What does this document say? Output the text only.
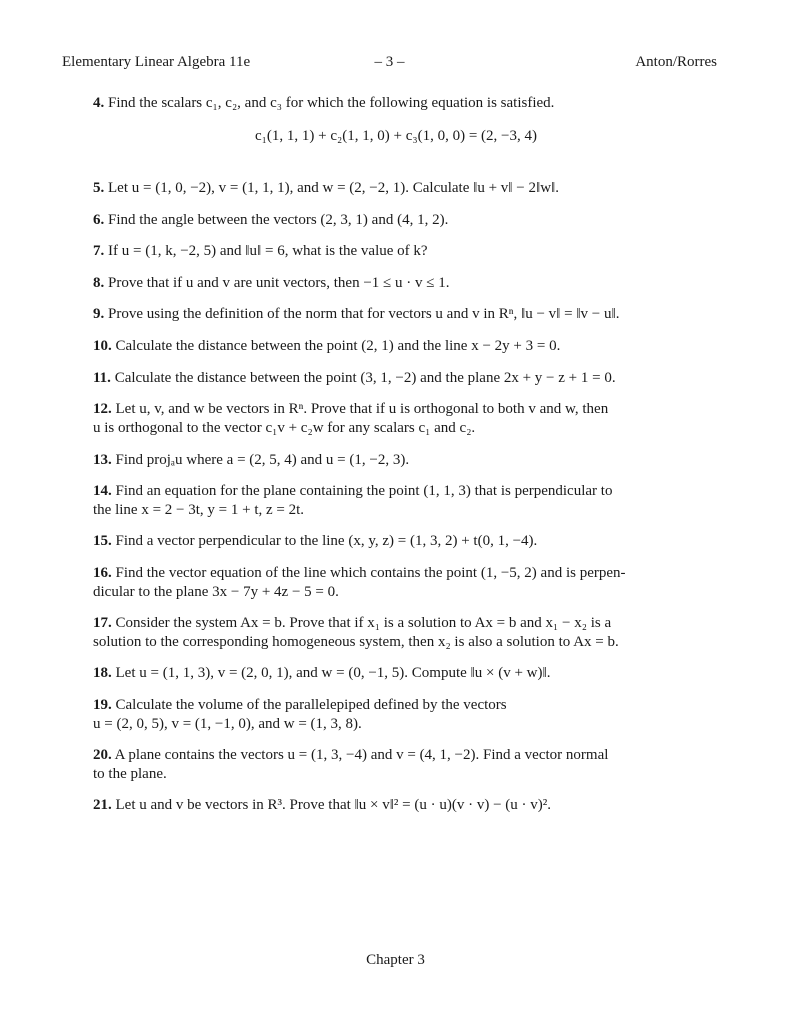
Elementary Linear Algebra 11e	– 3 –	Anton/Rorres
4. Find the scalars c₁, c₂, and c₃ for which the following equation is satisfied.
c₁(1, 1, 1) + c₂(1, 1, 0) + c₃(1, 0, 0) = (2, −3, 4)
5. Let u = (1, 0, −2), v = (1, 1, 1), and w = (2, −2, 1). Calculate ‖u + v‖ − 2‖w‖.
6. Find the angle between the vectors (2, 3, 1) and (4, 1, 2).
7. If u = (1, k, −2, 5) and ‖u‖ = 6, what is the value of k?
8. Prove that if u and v are unit vectors, then −1 ≤ u · v ≤ 1.
9. Prove using the definition of the norm that for vectors u and v in Rⁿ, ‖u − v‖ = ‖v − u‖.
10. Calculate the distance between the point (2, 1) and the line x − 2y + 3 = 0.
11. Calculate the distance between the point (3, 1, −2) and the plane 2x + y − z + 1 = 0.
12. Let u, v, and w be vectors in Rⁿ. Prove that if u is orthogonal to both v and w, then
u is orthogonal to the vector c₁v + c₂w for any scalars c₁ and c₂.
13. Find projₐu where a = (2, 5, 4) and u = (1, −2, 3).
14. Find an equation for the plane containing the point (1, 1, 3) that is perpendicular to
the line x = 2 − 3t, y = 1 + t, z = 2t.
15. Find a vector perpendicular to the line (x, y, z) = (1, 3, 2) + t(0, 1, −4).
16. Find the vector equation of the line which contains the point (1, −5, 2) and is perpen-
dicular to the plane 3x − 7y + 4z − 5 = 0.
17. Consider the system Ax = b. Prove that if x₁ is a solution to Ax = b and x₁ − x₂ is a
solution to the corresponding homogeneous system, then x₂ is also a solution to Ax = b.
18. Let u = (1, 1, 3), v = (2, 0, 1), and w = (0, −1, 5). Compute ‖u × (v + w)‖.
19. Calculate the volume of the parallelepiped defined by the vectors
u = (2, 0, 5), v = (1, −1, 0), and w = (1, 3, 8).
20. A plane contains the vectors u = (1, 3, −4) and v = (4, 1, −2). Find a vector normal
to the plane.
21. Let u and v be vectors in R³. Prove that ‖u × v‖² = (u · u)(v · v) − (u · v)².
Chapter 3
